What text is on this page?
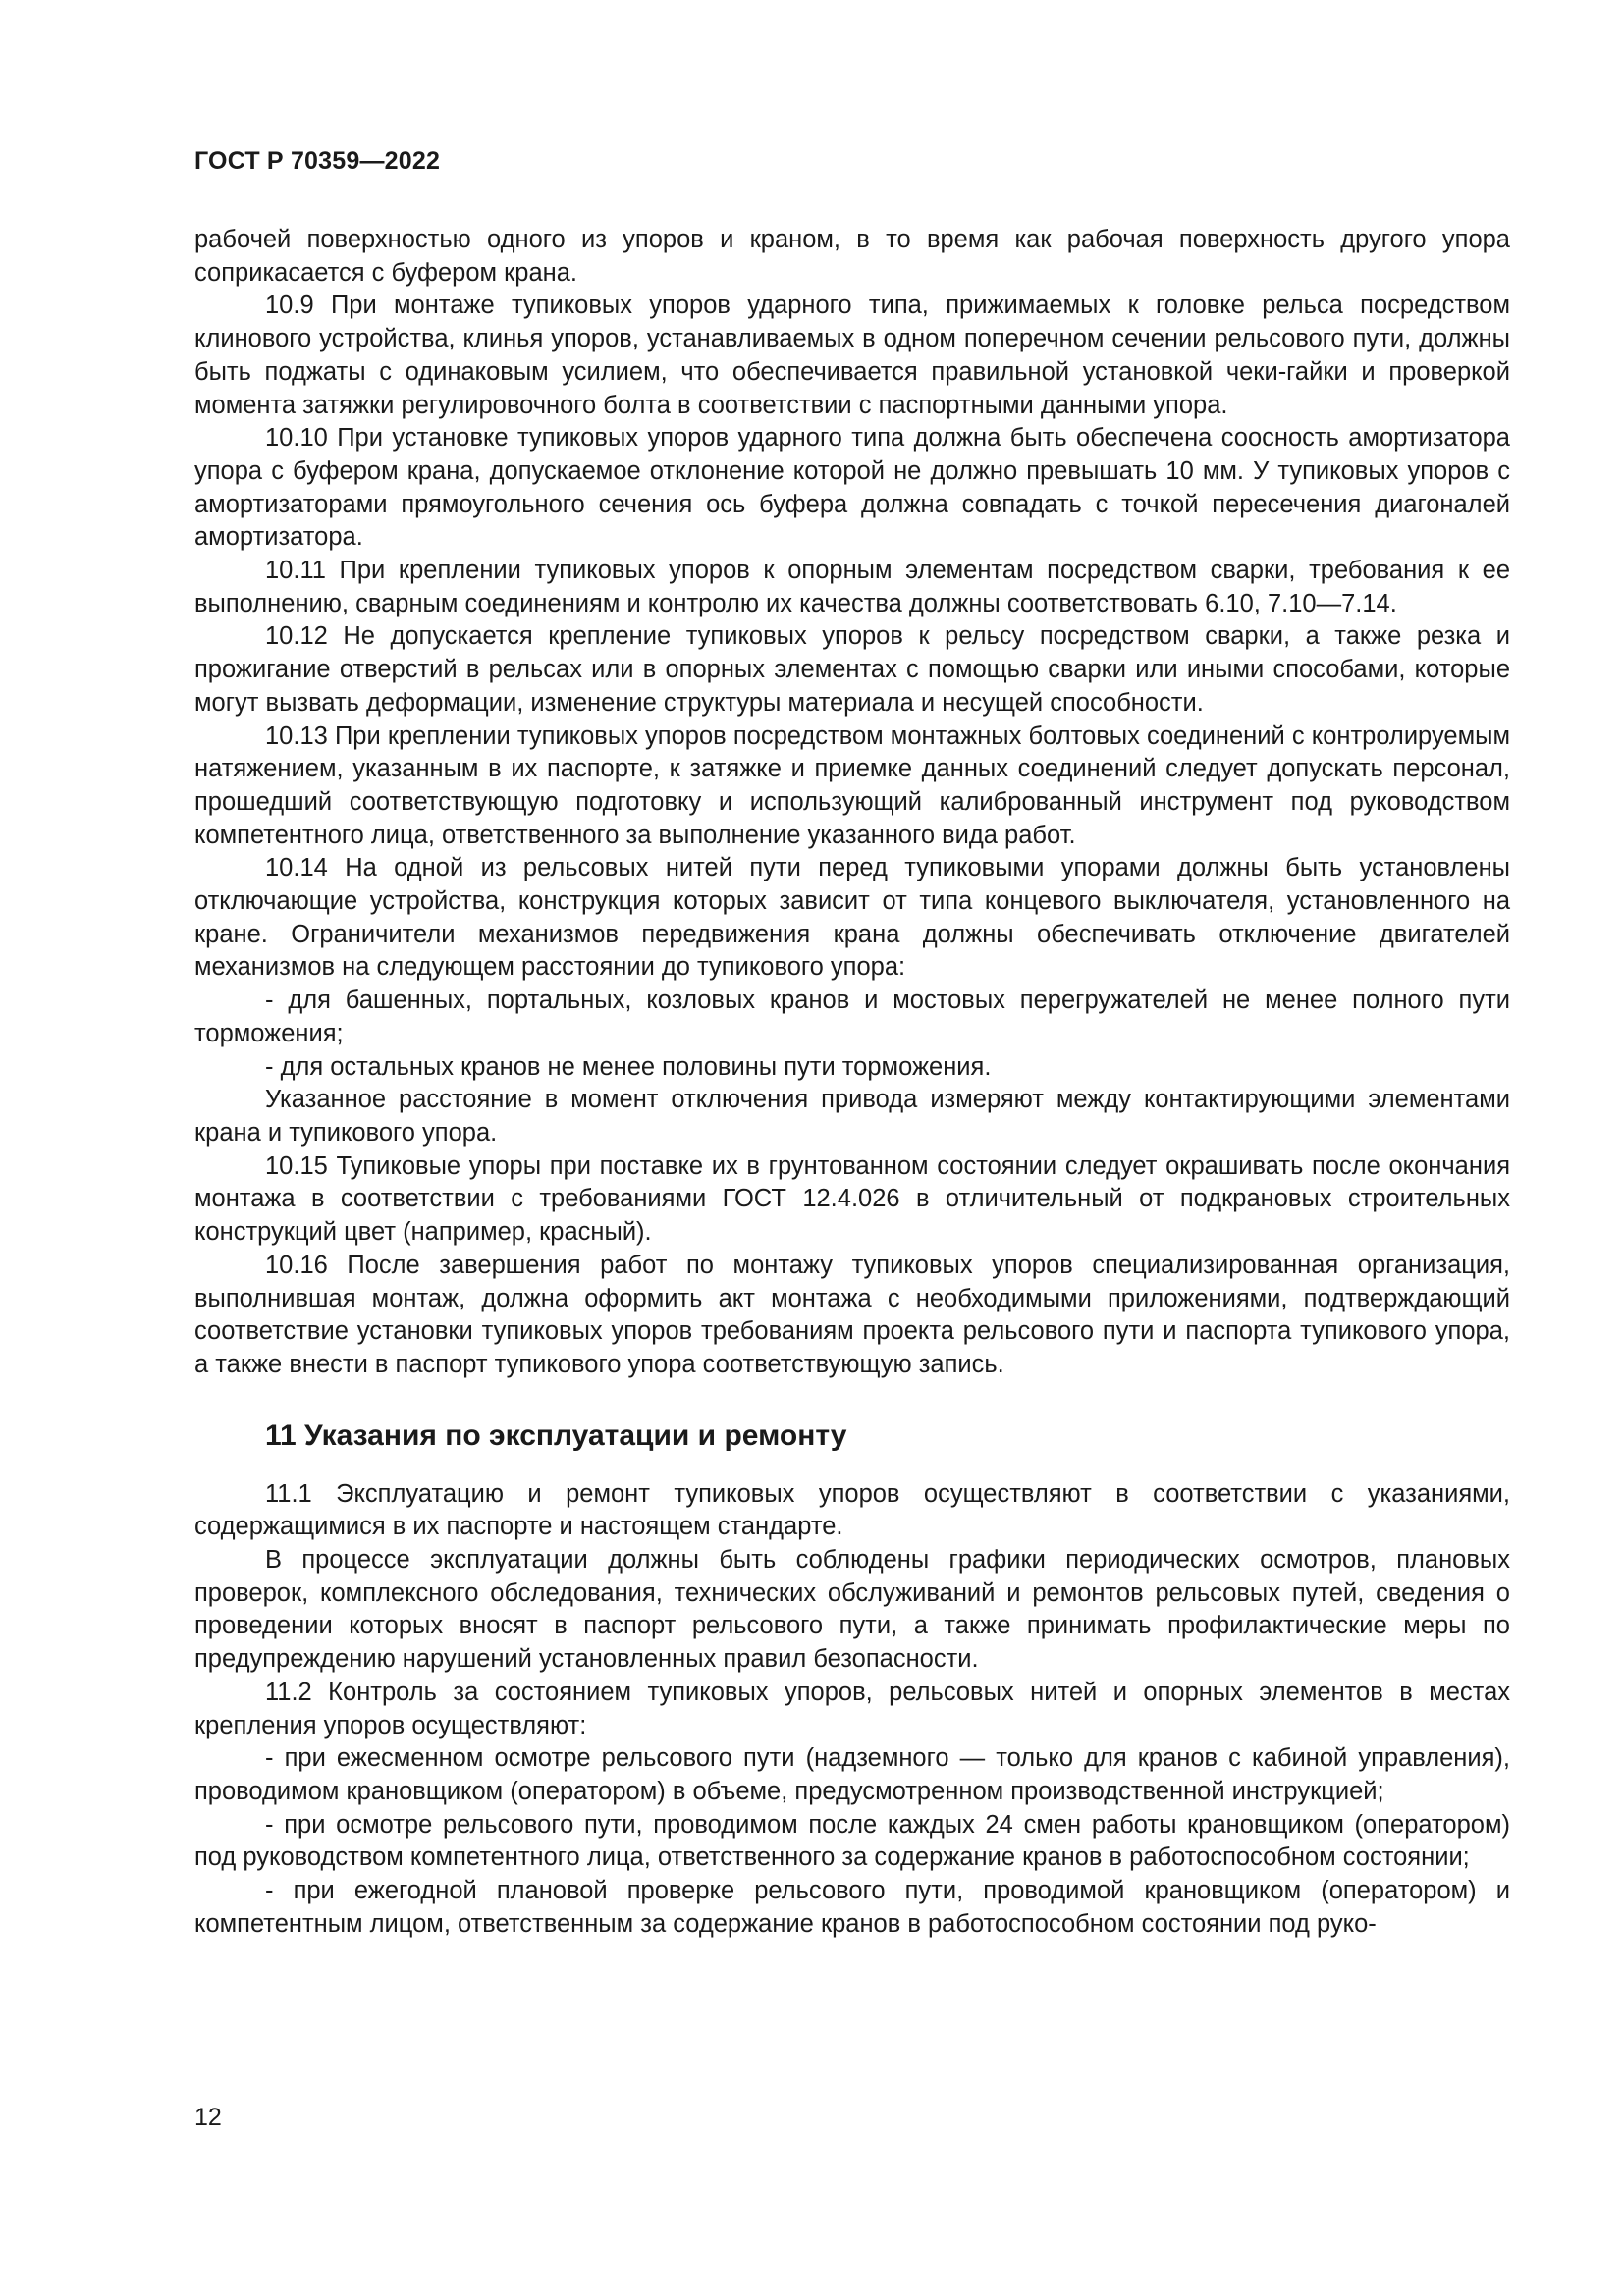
ГОСТ Р 70359—2022

рабочей поверхностью одного из упоров и краном, в то время как рабочая поверхность другого упора соприкасается с буфером крана.

10.9 При монтаже тупиковых упоров ударного типа, прижимаемых к головке рельса посредством клинового устройства, клинья упоров, устанавливаемых в одном поперечном сечении рельсового пути, должны быть поджаты с одинаковым усилием, что обеспечивается правильной установкой чеки-гайки и проверкой момента затяжки регулировочного болта в соответствии с паспортными данными упора.

10.10 При установке тупиковых упоров ударного типа должна быть обеспечена соосность амортизатора упора с буфером крана, допускаемое отклонение которой не должно превышать 10 мм. У тупиковых упоров с амортизаторами прямоугольного сечения ось буфера должна совпадать с точкой пересечения диагоналей амортизатора.

10.11 При креплении тупиковых упоров к опорным элементам посредством сварки, требования к ее выполнению, сварным соединениям и контролю их качества должны соответствовать 6.10, 7.10—7.14.

10.12 Не допускается крепление тупиковых упоров к рельсу посредством сварки, а также резка и прожигание отверстий в рельсах или в опорных элементах с помощью сварки или иными способами, которые могут вызвать деформации, изменение структуры материала и несущей способности.

10.13 При креплении тупиковых упоров посредством монтажных болтовых соединений с контролируемым натяжением, указанным в их паспорте, к затяжке и приемке данных соединений следует допускать персонал, прошедший соответствующую подготовку и использующий калиброванный инструмент под руководством компетентного лица, ответственного за выполнение указанного вида работ.

10.14 На одной из рельсовых нитей пути перед тупиковыми упорами должны быть установлены отключающие устройства, конструкция которых зависит от типа концевого выключателя, установленного на кране. Ограничители механизмов передвижения крана должны обеспечивать отключение двигателей механизмов на следующем расстоянии до тупикового упора:

- для башенных, портальных, козловых кранов и мостовых перегружателей не менее полного пути торможения;

- для остальных кранов не менее половины пути торможения.

Указанное расстояние в момент отключения привода измеряют между контактирующими элементами крана и тупикового упора.

10.15 Тупиковые упоры при поставке их в грунтованном состоянии следует окрашивать после окончания монтажа в соответствии с требованиями ГОСТ 12.4.026 в отличительный от подкрановых строительных конструкций цвет (например, красный).

10.16 После завершения работ по монтажу тупиковых упоров специализированная организация, выполнившая монтаж, должна оформить акт монтажа с необходимыми приложениями, подтверждающий соответствие установки тупиковых упоров требованиям проекта рельсового пути и паспорта тупикового упора, а также внести в паспорт тупикового упора соответствующую запись.

11 Указания по эксплуатации и ремонту

11.1 Эксплуатацию и ремонт тупиковых упоров осуществляют в соответствии с указаниями, содержащимися в их паспорте и настоящем стандарте.

В процессе эксплуатации должны быть соблюдены графики периодических осмотров, плановых проверок, комплексного обследования, технических обслуживаний и ремонтов рельсовых путей, сведения о проведении которых вносят в паспорт рельсового пути, а также принимать профилактические меры по предупреждению нарушений установленных правил безопасности.

11.2 Контроль за состоянием тупиковых упоров, рельсовых нитей и опорных элементов в местах крепления упоров осуществляют:

- при ежесменном осмотре рельсового пути (надземного — только для кранов с кабиной управления), проводимом крановщиком (оператором) в объеме, предусмотренном производственной инструкцией;

- при осмотре рельсового пути, проводимом после каждых 24 смен работы крановщиком (оператором) под руководством компетентного лица, ответственного за содержание кранов в работоспособном состоянии;

- при ежегодной плановой проверке рельсового пути, проводимой крановщиком (оператором) и компетентным лицом, ответственным за содержание кранов в работоспособном состоянии под руко-

12
